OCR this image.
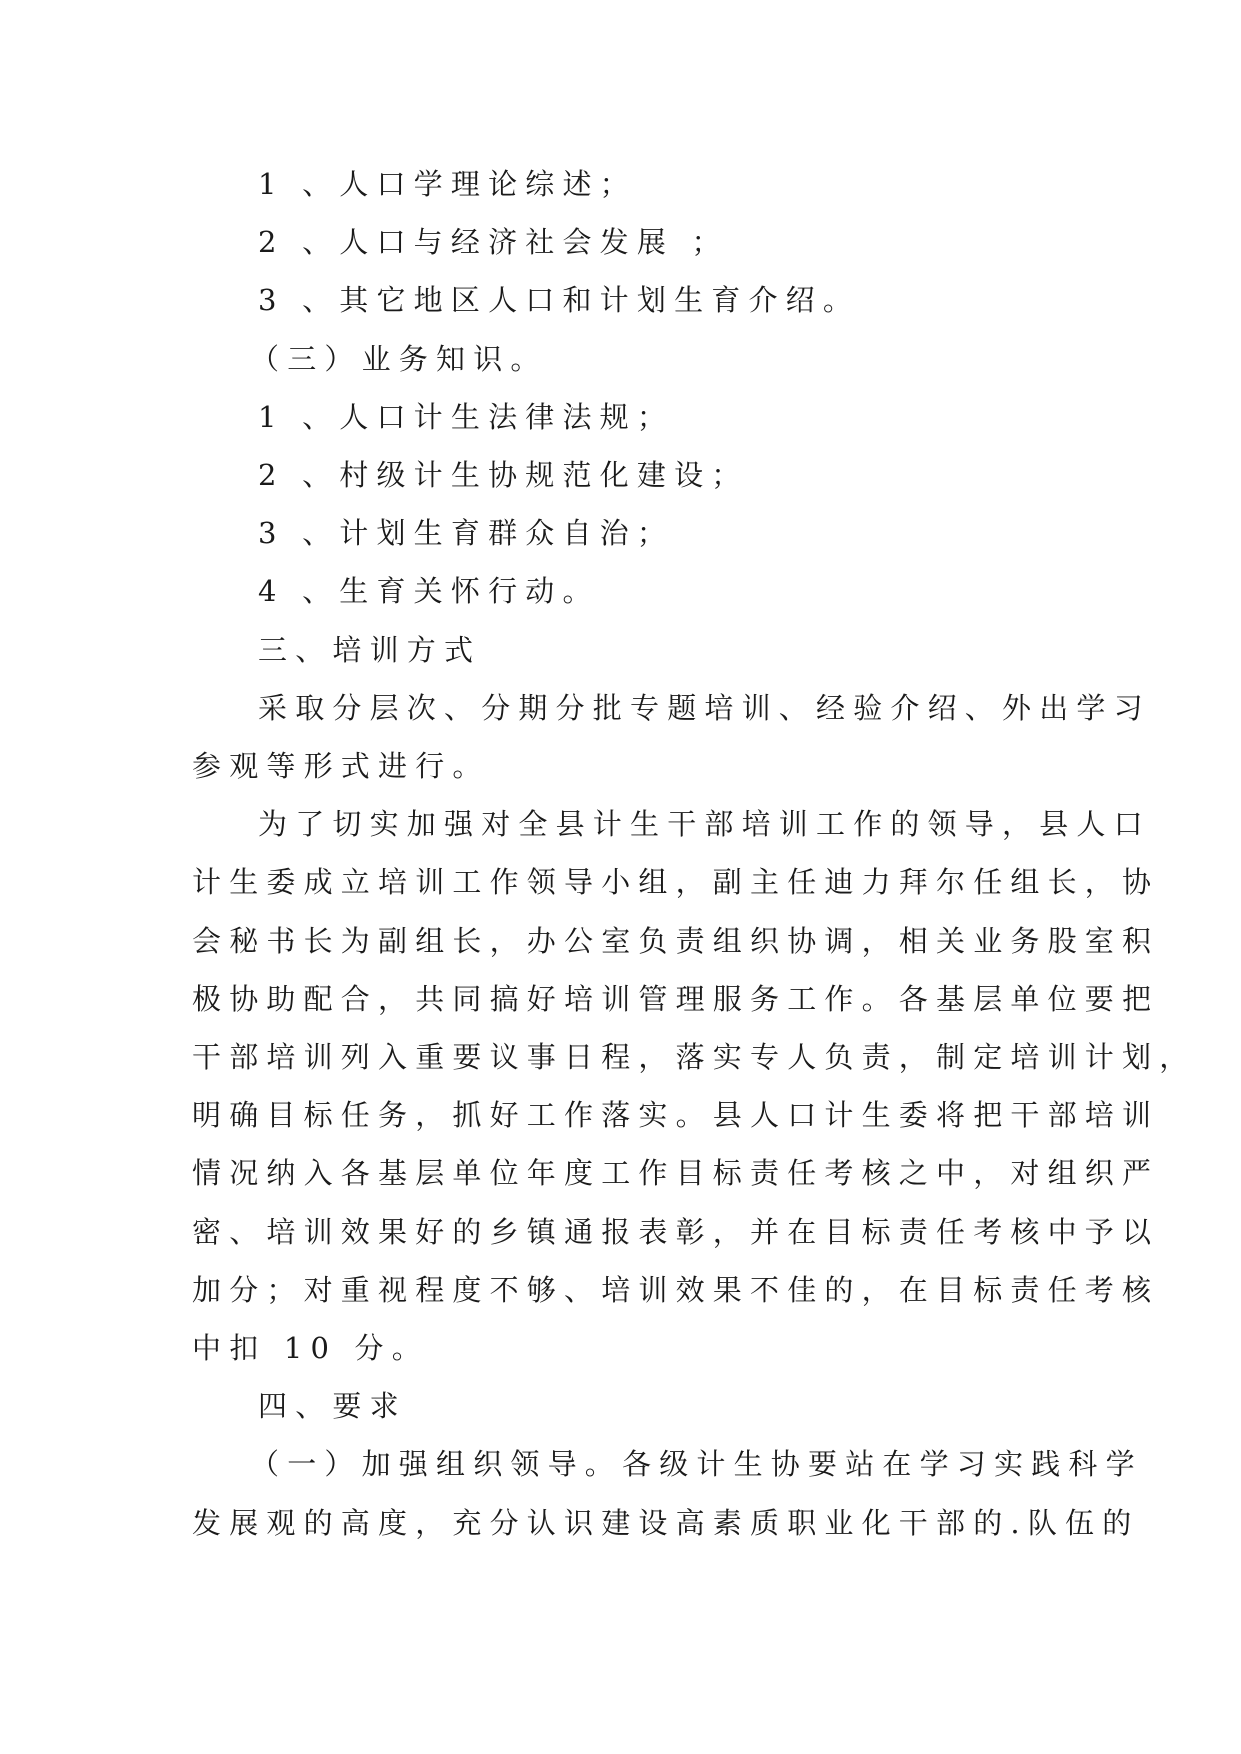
1 、人口学理论综述；
2 、人口与经济社会发展 ；
3 、其它地区人口和计划生育介绍。
（三）业务知识。
1 、人口计生法律法规；
2 、村级计生协规范化建设；
3 、计划生育群众自治；
4 、生育关怀行动。
三、培训方式
采取分层次、分期分批专题培训、经验介绍、外出学习
参观等形式进行。
为了切实加强对全县计生干部培训工作的领导，县人口
计生委成立培训工作领导小组，副主任迪力拜尔任组长，协
会秘书长为副组长，办公室负责组织协调，相关业务股室积
极协助配合，共同搞好培训管理服务工作。各基层单位要把
干部培训列入重要议事日程，落实专人负责，制定培训计划，
明确目标任务，抓好工作落实。县人口计生委将把干部培训
情况纳入各基层单位年度工作目标责任考核之中，对组织严
密、培训效果好的乡镇通报表彰，并在目标责任考核中予以
加分；对重视程度不够、培训效果不佳的，在目标责任考核
中扣 10 分。
四、要求
（一）加强组织领导。各级计生协要站在学习实践科学
发展观的高度，充分认识建设高素质职业化干部的.队伍的
